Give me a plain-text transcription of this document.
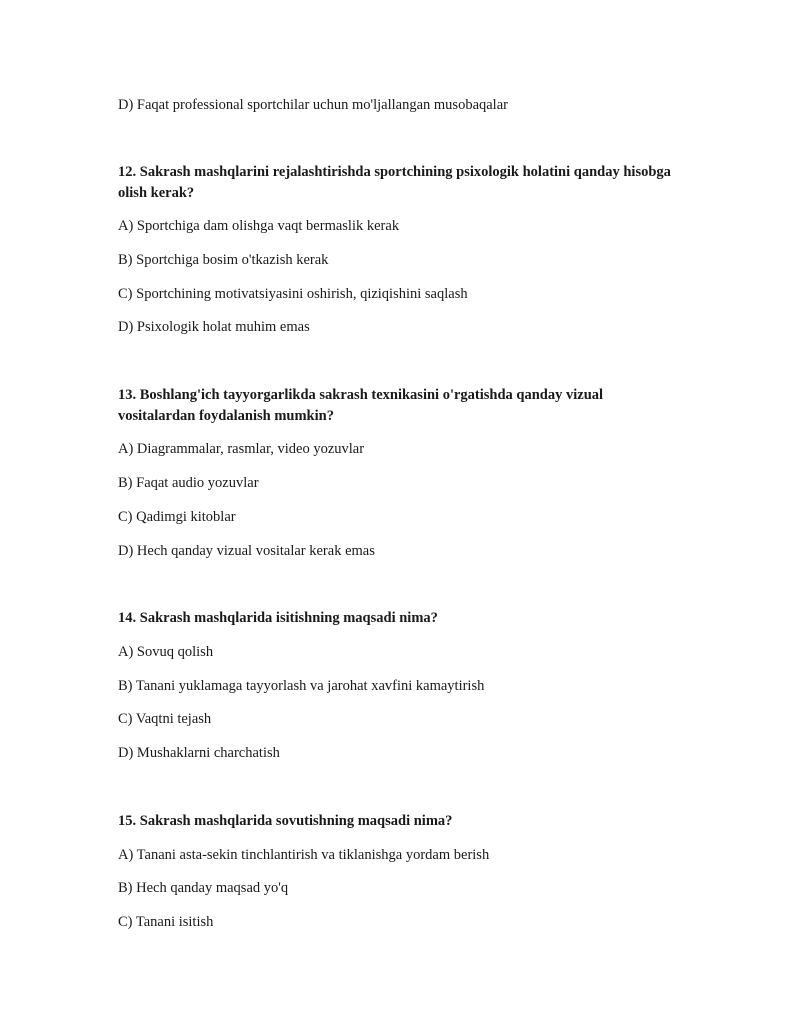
D) Faqat professional sportchilar uchun mo'ljallangan musobaqalar
12. Sakrash mashqlarini rejalashtirishda sportchining psixologik holatini qanday hisobga olish kerak?
A) Sportchiga dam olishga vaqt bermaslik kerak
B) Sportchiga bosim o'tkazish kerak
C) Sportchining motivatsiyasini oshirish, qiziqishini saqlash
D) Psixologik holat muhim emas
13. Boshlang'ich tayyorgarlikda sakrash texnikasini o'rgatishda qanday vizual vositalardan foydalanish mumkin?
A) Diagrammalar, rasmlar, video yozuvlar
B) Faqat audio yozuvlar
C) Qadimgi kitoblar
D) Hech qanday vizual vositalar kerak emas
14. Sakrash mashqlarida isitishning maqsadi nima?
A) Sovuq qolish
B) Tanani yuklamaga tayyorlash va jarohat xavfini kamaytirish
C) Vaqtni tejash
D) Mushaklarni charchatish
15. Sakrash mashqlarida sovutishning maqsadi nima?
A) Tanani asta-sekin tinchlantirish va tiklanishga yordam berish
B) Hech qanday maqsad yo'q
C) Tanani isitish
